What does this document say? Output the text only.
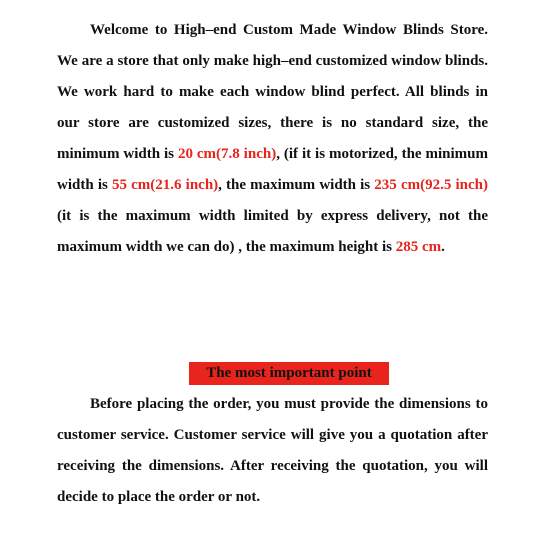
Welcome to High–end Custom Made Window Blinds Store. We are a store that only make high–end customized window blinds. We work hard to make each window blind perfect. All blinds in our store are customized sizes, there is no standard size, the minimum width is 20 cm(7.8 inch), (if it is motorized, the minimum width is 55 cm(21.6 inch), the maximum width is 235 cm(92.5 inch) (it is the maximum width limited by express delivery, not the maximum width we can do) , the maximum height is 285 cm.

The most important point

Before placing the order, you must provide the dimensions to customer service. Customer service will give you a quotation after receiving the dimensions. After receiving the quotation, you will decide to place the order or not.
